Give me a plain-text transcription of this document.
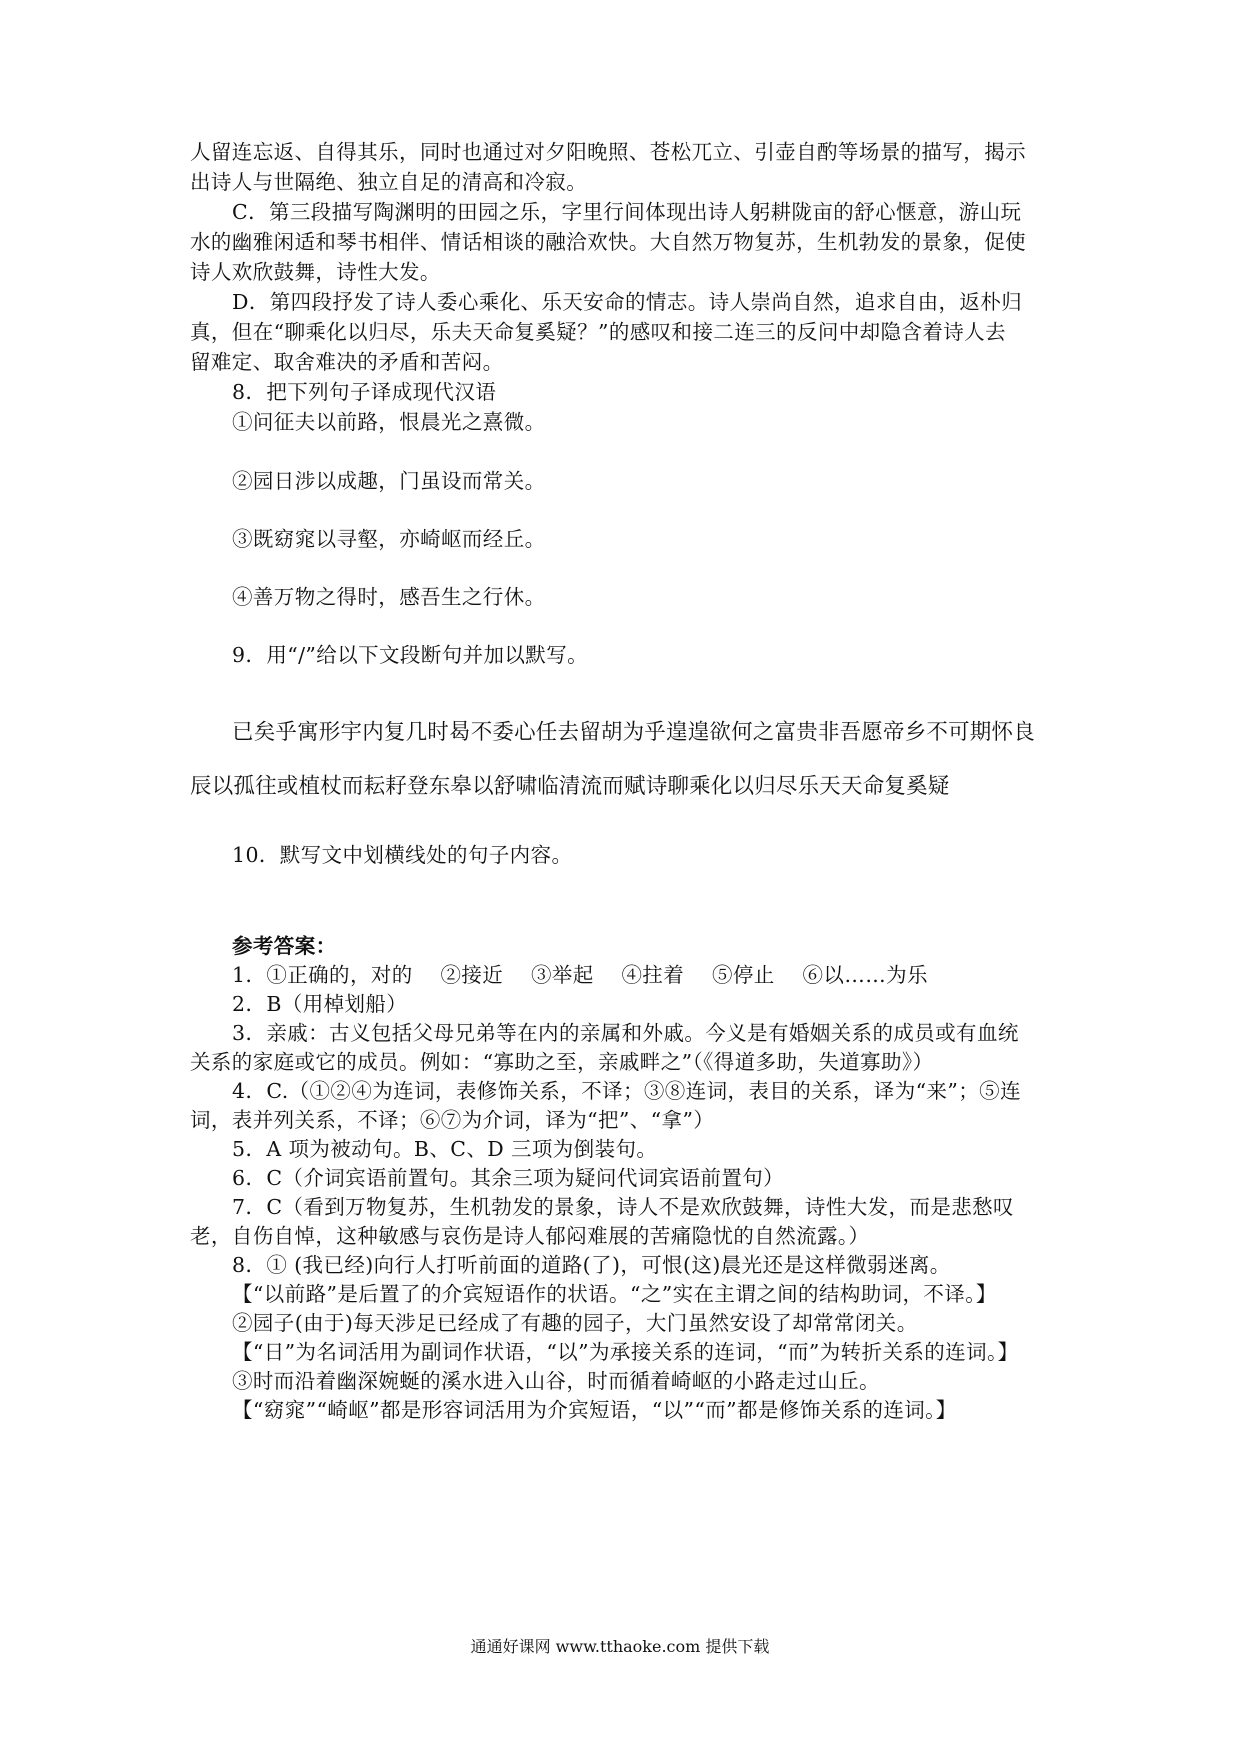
人留连忘返、自得其乐，同时也通过对夕阳晚照、苍松兀立、引壶自酌等场景的描写，揭示
出诗人与世隔绝、独立自足的清高和冷寂。
C．第三段描写陶渊明的田园之乐，字里行间体现出诗人躬耕陇亩的舒心惬意，游山玩
水的幽雅闲适和琴书相伴、情话相谈的融洽欢快。大自然万物复苏，生机勃发的景象，促使
诗人欢欣鼓舞，诗性大发。
D．第四段抒发了诗人委心乘化、乐天安命的情志。诗人崇尚自然，追求自由，返朴归
真，但在“聊乘化以归尽，乐夫天命复奚疑？”的感叹和接二连三的反问中却隐含着诗人去
留难定、取舍难决的矛盾和苦闷。
8．把下列句子译成现代汉语
①问征夫以前路，恨晨光之熹微。
②园日涉以成趣，门虽设而常关。
③既窈窕以寻壑，亦崎岖而经丘。
④善万物之得时，感吾生之行休。
9．用“/”给以下文段断句并加以默写。
已矣乎寓形宇内复几时曷不委心任去留胡为乎遑遑欲何之富贵非吾愿帝乡不可期怀良
辰以孤往或植杖而耘耔登东皋以舒啸临清流而赋诗聊乘化以归尽乐天天命复奚疑
10．默写文中划横线处的句子内容。
参考答案：
1．①正确的，对的　 ②接近　 ③举起　 ④拄着　 ⑤停止　 ⑥以……为乐
2．B（用棹划船）
3．亲戚：古义包括父母兄弟等在内的亲属和外戚。今义是有婚姻关系的成员或有血统
关系的家庭或它的成员。例如：“寡助之至，亲戚畔之”（《得道多助，失道寡助》）
4．C.（①②④为连词，表修饰关系，不译；③⑧连词，表目的关系，译为“来”；⑤连
词，表并列关系，不译；⑥⑦为介词，译为“把”、“拿”）
5．A 项为被动句。B、C、D 三项为倒装句。
6．C（介词宾语前置句。其余三项为疑问代词宾语前置句）
7．C（看到万物复苏，生机勃发的景象，诗人不是欢欣鼓舞，诗性大发，而是悲愁叹
老，自伤自悼，这种敏感与哀伤是诗人郁闷难展的苦痛隐忧的自然流露。）
8．① (我已经)向行人打听前面的道路(了)，可恨(这)晨光还是这样微弱迷离。
【“以前路”是后置了的介宾短语作的状语。“之”实在主谓之间的结构助词，不译。】
②园子(由于)每天涉足已经成了有趣的园子，大门虽然安设了却常常闭关。
【“日”为名词活用为副词作状语，“以”为承接关系的连词，“而”为转折关系的连词。】
③时而沿着幽深婉蜒的溪水进入山谷，时而循着崎岖的小路走过山丘。
【“窈窕”“崎岖”都是形容词活用为介宾短语，“以”“而”都是修饰关系的连词。】
通通好课网 www.tthaoke.com 提供下载
